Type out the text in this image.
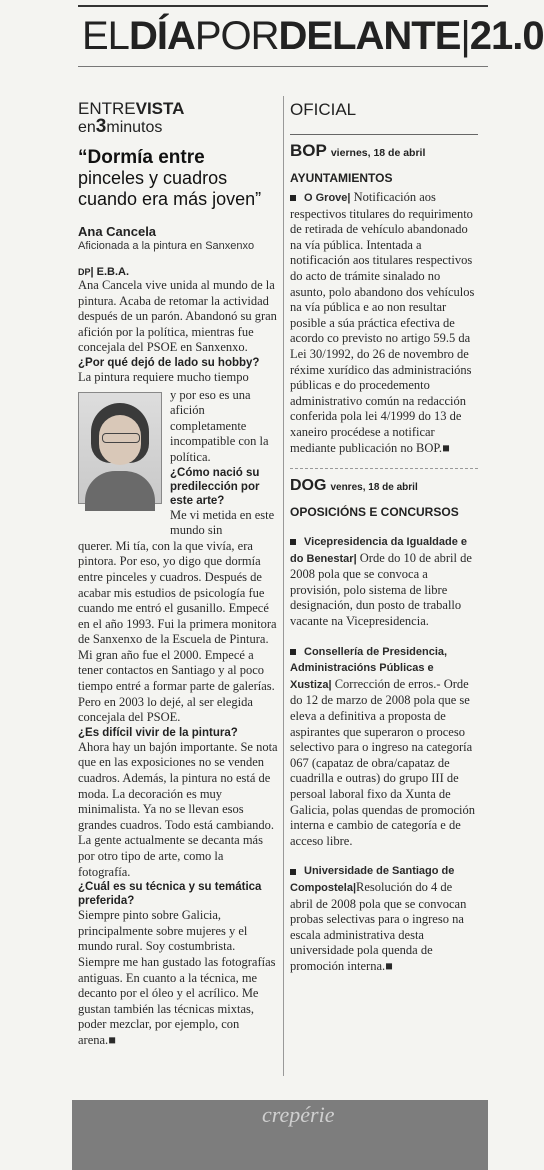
ELDÍAPORDELANTE|21.0
ENTREVISTA
en3minutos
“Dormía entre
pinceles y cuadros
cuando era más joven”
Ana Cancela
Aficionada a la pintura en Sanxenxo
DP| E.B.A.

Ana Cancela vive unida al mundo de la pintura. Acaba de retomar la actividad después de un parón. Abandonó su gran afición por la política, mientras fue concejala del PSOE en Sanxenxo.

¿Por qué dejó de lado su hobby?

La pintura requiere mucho tiempo

y por eso es una afición completamente incompatible con la política.

¿Cómo nació su predilección por este arte?

Me vi metida en este mundo sin

querer. Mi tía, con la que vivía, era pintora. Por eso, yo digo que dormía entre pinceles y cuadros. Después de acabar mis estudios de psicología fue cuando me entró el gusanillo. Empecé en el año 1993. Fui la primera monitora de Sanxenxo de la Escuela de Pintura. Mi gran año fue el 2000. Empecé a tener contactos en Santiago y al poco tiempo entré a formar parte de galerías. Pero en 2003 lo dejé, al ser elegida concejala del PSOE.

¿Es difícil vivir de la pintura?

Ahora hay un bajón importante. Se nota que en las exposiciones no se venden cuadros. Además, la pintura no está de moda. La decoración es muy minimalista. Ya no se llevan esos grandes cuadros. Todo está cambiando. La gente actualmente se decanta más por otro tipo de arte, como la fotografía.

¿Cuál es su técnica y su temática preferida?

Siempre pinto sobre Galicia, principalmente sobre mujeres y el mundo rural. Soy costumbrista. Siempre me han gustado las fotografías antiguas. En cuanto a la técnica, me decanto por el óleo y el acrílico. Me gustan también las técnicas mixtas, poder mezclar, por ejemplo, con arena.■

OFICIAL
BOP viernes, 18 de abril
AYUNTAMIENTOS

O Grove| Notificación aos respectivos titulares do requirimento de retirada de vehículo abandonado na vía pública. Intentada a notificación aos titulares respectivos do acto de trámite sinalado no asunto, polo abandono dos vehículos na vía pública e ao non resultar posible a súa práctica efectiva de acordo co previsto no artigo 59.5 da Lei 30/1992, do 26 de novembro de réxime xurídico das administracións públicas e do procedemento administrativo común na redacción conferida pola lei 4/1999 do 13 de xaneiro procédese a notificar mediante publicación no BOP.■

DOG venres, 18 de abril
OPOSICIÓNS E CONCURSOS

Vicepresidencia da Igualdade e do Benestar| Orde do 10 de abril de 2008 pola que se convoca a provisión, polo sistema de libre designación, dun posto de traballo vacante na Vicepresidencia.

Consellería de Presidencia, Administracións Públicas e Xustiza| Corrección de erros.- Orde do 12 de marzo de 2008 pola que se eleva a definitiva a proposta de aspirantes que superaron o proceso selectivo para o ingreso na categoría 067 (capataz de obra/capataz de cuadrilla e outras) do grupo III de persoal laboral fixo da Xunta de Galicia, polas quendas de promoción interna e cambio de categoría e de acceso libre.

Universidade de Santiago de Compostela|Resolución do 4 de abril de 2008 pola que se convocan probas selectivas para o ingreso na escala administrativa desta universidade pola quenda de promoción interna.■

crepérie
